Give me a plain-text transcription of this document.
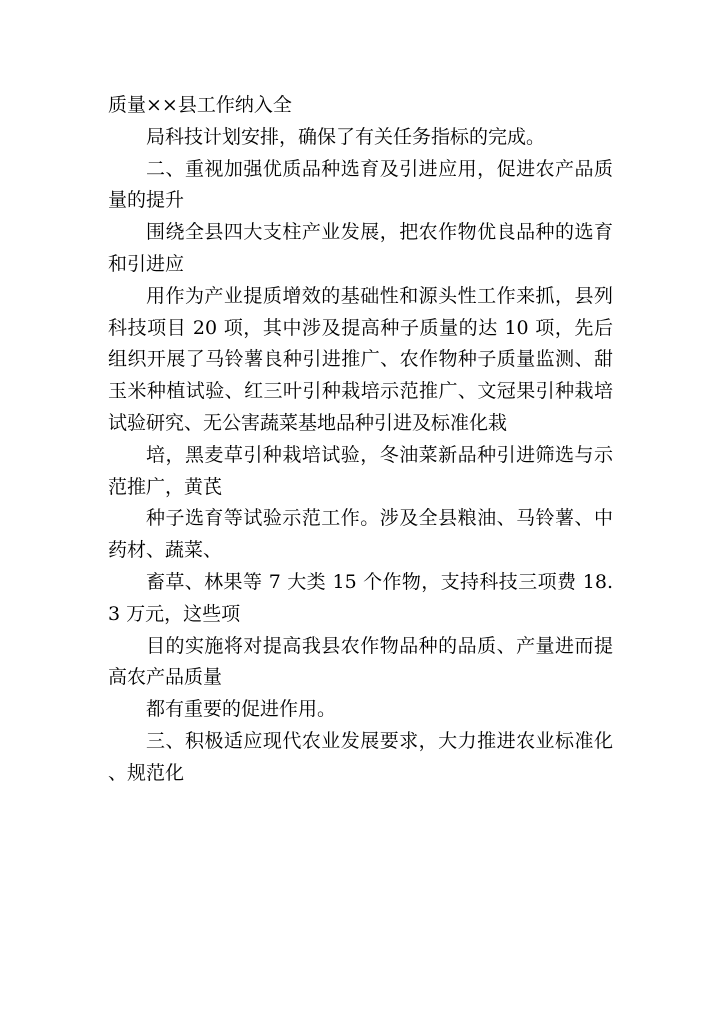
质量××县工作纳入全

局科技计划安排，确保了有关任务指标的完成。

二、重视加强优质品种选育及引进应用，促进农产品质量的提升

围绕全县四大支柱产业发展，把农作物优良品种的选育和引进应

用作为产业提质增效的基础性和源头性工作来抓，县列科技项目 20 项，其中涉及提高种子质量的达 10 项，先后组织开展了马铃薯良种引进推广、农作物种子质量监测、甜玉米种植试验、红三叶引种栽培示范推广、文冠果引种栽培试验研究、无公害蔬菜基地品种引进及标准化栽

培，黑麦草引种栽培试验，冬油菜新品种引进筛选与示范推广，黄芪

种子选育等试验示范工作。涉及全县粮油、马铃薯、中药材、蔬菜、

畜草、林果等 7 大类 15 个作物，支持科技三项费 18.3 万元，这些项

目的实施将对提高我县农作物品种的品质、产量进而提高农产品质量

都有重要的促进作用。

三、积极适应现代农业发展要求，大力推进农业标准化、规范化
